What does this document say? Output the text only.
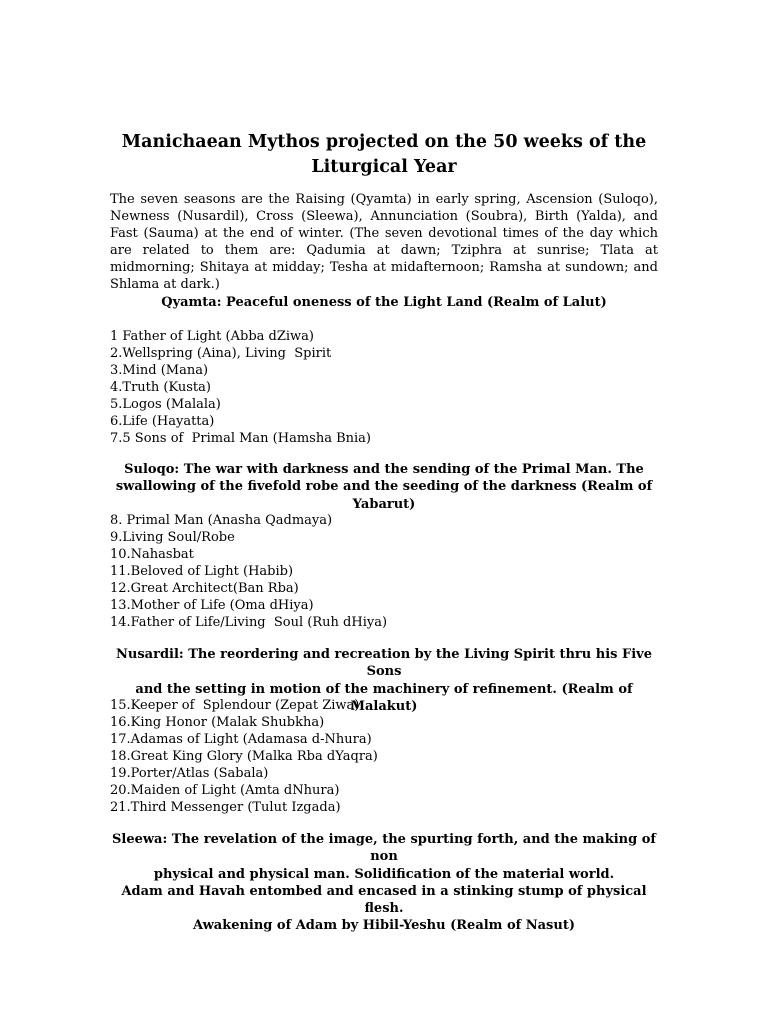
Manichaean Mythos projected on the 50 weeks of the
Liturgical Year

The seven seasons are the Raising (Qyamta) in early spring, Ascension (Suloqo), Newness (Nusardil), Cross (Sleewa), Annunciation (Soubra), Birth (Yalda), and Fast (Sauma) at the end of winter. (The seven devotional times of the day which are related to them are: Qadumia at dawn; Tziphra at sunrise; Tlata at midmorning; Shitaya at midday; Tesha at midafternoon; Ramsha at sundown; and Shlama at dark.)

Qyamta: Peaceful oneness of the Light Land (Realm of Lalut)
1 Father of Light (Abba dZiwa)
2.Wellspring (Aina), Living  Spirit
3.Mind (Mana)
4.Truth (Kusta)
5.Logos (Malala)
6.Life (Hayatta)
7.5 Sons of  Primal Man (Hamsha Bnia)
Suloqo: The war with darkness and the sending of the Primal Man. The
swallowing of the fivefold robe and the seeding of the darkness (Realm of Yabarut)
8. Primal Man (Anasha Qadmaya)
9.Living Soul/Robe
10.Nahasbat
11.Beloved of Light (Habib)
12.Great Architect(Ban Rba)
13.Mother of Life (Oma dHiya)
14.Father of Life/Living  Soul (Ruh dHiya)
Nusardil: The reordering and recreation by the Living Spirit thru his Five Sons
and the setting in motion of the machinery of refinement. (Realm of Malakut)
15.Keeper of  Splendour (Zepat Ziwa)
16.King Honor (Malak Shubkha)
17.Adamas of Light (Adamasa d-Nhura)
18.Great King Glory (Malka Rba dYaqra)
19.Porter/Atlas (Sabala)
20.Maiden of Light (Amta dNhura)
21.Third Messenger (Tulut Izgada)
Sleewa: The revelation of the image, the spurting forth, and the making of non
physical and physical man. Solidification of the material world.
Adam and Havah entombed and encased in a stinking stump of physical flesh.
Awakening of Adam by Hibil-Yeshu (Realm of Nasut)
